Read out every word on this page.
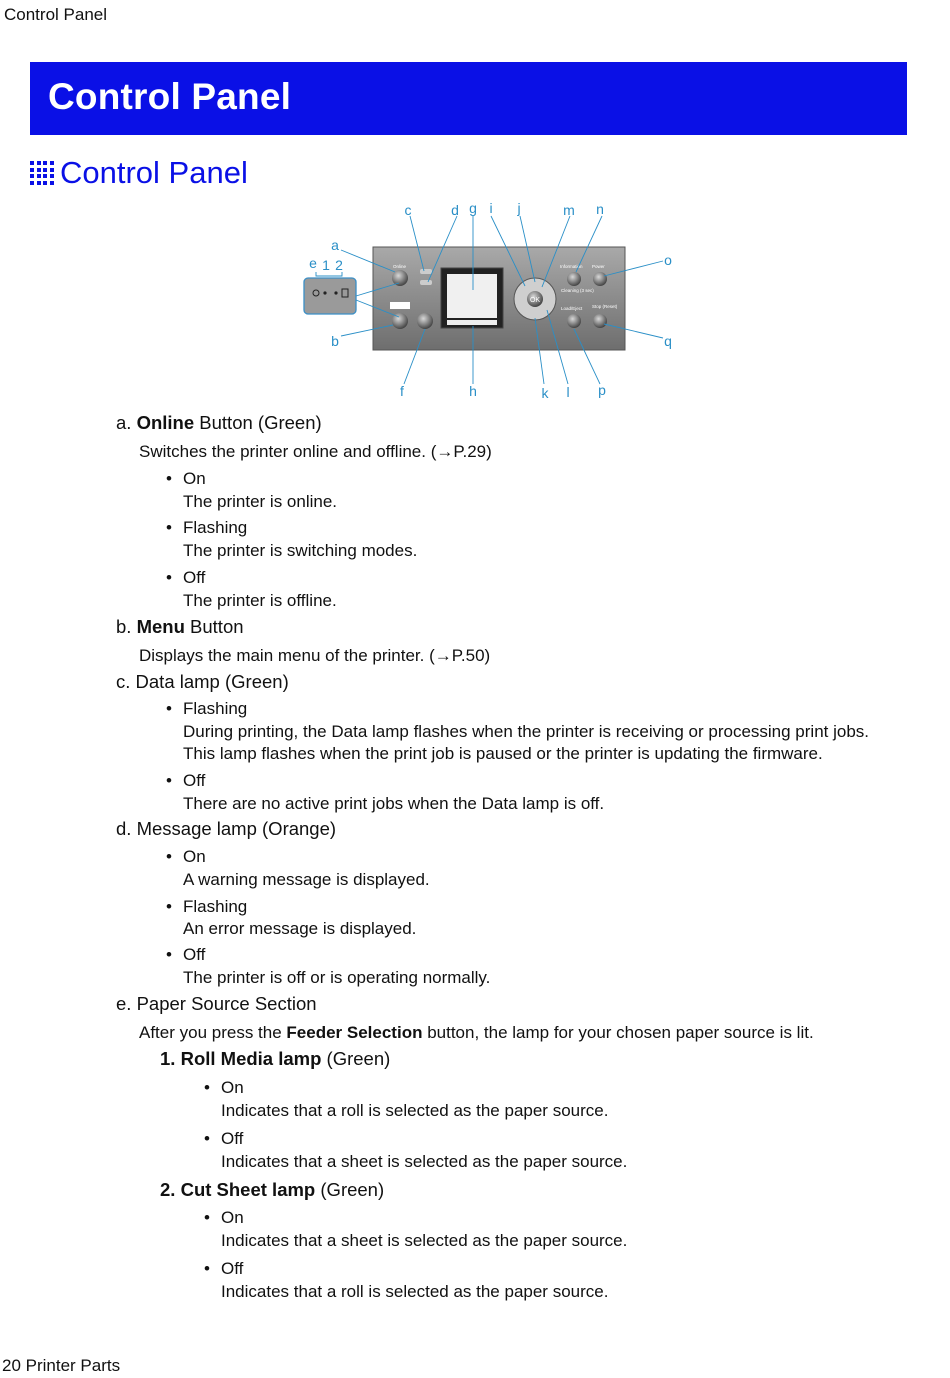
Control Panel
Control Panel
Control Panel
OK
Online	Information Power
Cleaning (3 sec)
Load/Eject Stop (Reset)
a
b
c	d
e 1 2
f
g
h
i j
k l
m n
o
p
q
a. Online Button (Green)
Switches the printer online and offline. (→P.29)
• On
The printer is online.
• Flashing
The printer is switching modes.
• Off
The printer is offline.
b. Menu Button
Displays the main menu of the printer. (→P.50)
c. Data lamp (Green)
• Flashing
During printing, the Data lamp flashes when the printer is receiving or processing print jobs.
This lamp flashes when the print job is paused or the printer is updating the firmware.
• Off
There are no active print jobs when the Data lamp is off.
d. Message lamp (Orange)
• On
A warning message is displayed.
• Flashing
An error message is displayed.
• Off
The printer is off or is operating normally.
e. Paper Source Section
After you press the Feeder Selection button, the lamp for your chosen paper source is lit.
1. Roll Media lamp (Green)
• On
Indicates that a roll is selected as the paper source.
• Off
Indicates that a sheet is selected as the paper source.
2. Cut Sheet lamp (Green)
• On
Indicates that a sheet is selected as the paper source.
• Off
Indicates that a roll is selected as the paper source.
20 Printer Parts
